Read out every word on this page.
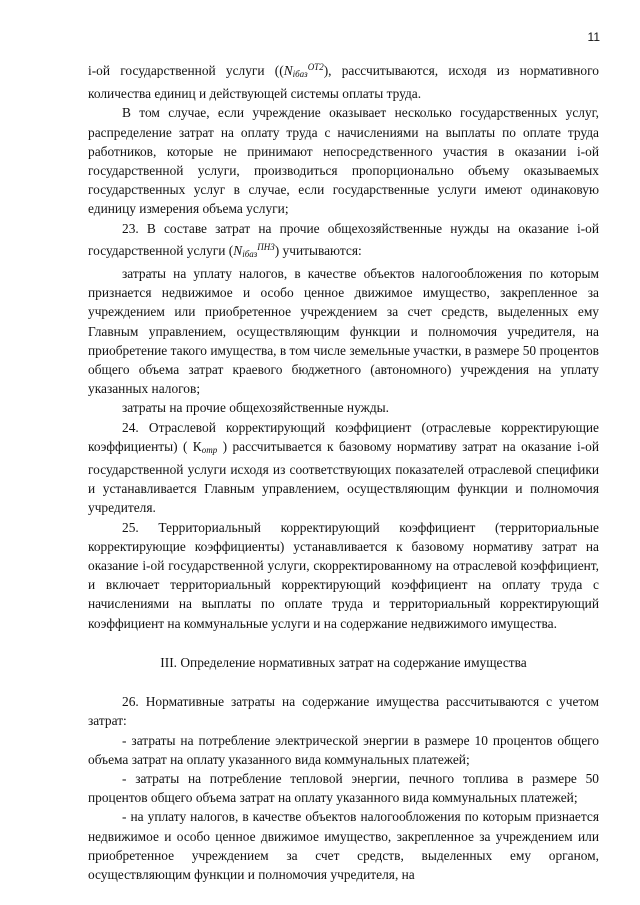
11

i-ой государственной услуги ($(N_{iбаз}^{ОТ2})$, рассчитываются, исходя из нормативного количества единиц и действующей системы оплаты труда.

В том случае, если учреждение оказывает несколько государственных услуг, распределение затрат на оплату труда с начислениями на выплаты по оплате труда работников, которые не принимают непосредственного участия в оказании i-ой государственной услуги, производиться пропорционально объему оказываемых государственных услуг в случае, если государственные услуги имеют одинаковую единицу измерения объема услуги;

23. В составе затрат на прочие общехозяйственные нужды на оказание i-ой государственной услуги $(N_{iбаз}^{ПНЗ})$ учитываются:

затраты на уплату налогов, в качестве объектов налогообложения по которым признается недвижимое и особо ценное движимое имущество, закрепленное за учреждением или приобретенное учреждением за счет средств, выделенных ему Главным управлением, осуществляющим функции и полномочия учредителя, на приобретение такого имущества, в том числе земельные участки, в размере 50 процентов общего объема затрат краевого бюджетного (автономного) учреждения на уплату указанных налогов;

затраты на прочие общехозяйственные нужды.

24. Отраслевой корректирующий коэффициент (отраслевые корректирующие коэффициенты) ( $К_{отр}$ ) рассчитывается к базовому нормативу затрат на оказание i-ой государственной услуги исходя из соответствующих показателей отраслевой специфики и устанавливается Главным управлением, осуществляющим функции и полномочия учредителя.

25. Территориальный корректирующий коэффициент (территориальные корректирующие коэффициенты) устанавливается к базовому нормативу затрат на оказание i-ой государственной услуги, скорректированному на отраслевой коэффициент, и включает территориальный корректирующий коэффициент на оплату труда с начислениями на выплаты по оплате труда и территориальный корректирующий коэффициент на коммунальные услуги и на содержание недвижимого имущества.

III. Определение нормативных затрат на содержание имущества

26. Нормативные затраты на содержание имущества рассчитываются с учетом затрат:

- затраты на потребление электрической энергии в размере 10 процентов общего объема затрат на оплату указанного вида коммунальных платежей;

- затраты на потребление тепловой энергии, печного топлива в размере 50 процентов общего объема затрат на оплату указанного вида коммунальных платежей;

- на уплату налогов, в качестве объектов налогообложения по которым признается недвижимое и особо ценное движимое имущество, закрепленное за учреждением или приобретенное учреждением за счет средств, выделенных ему органом, осуществляющим функции и полномочия учредителя, на
